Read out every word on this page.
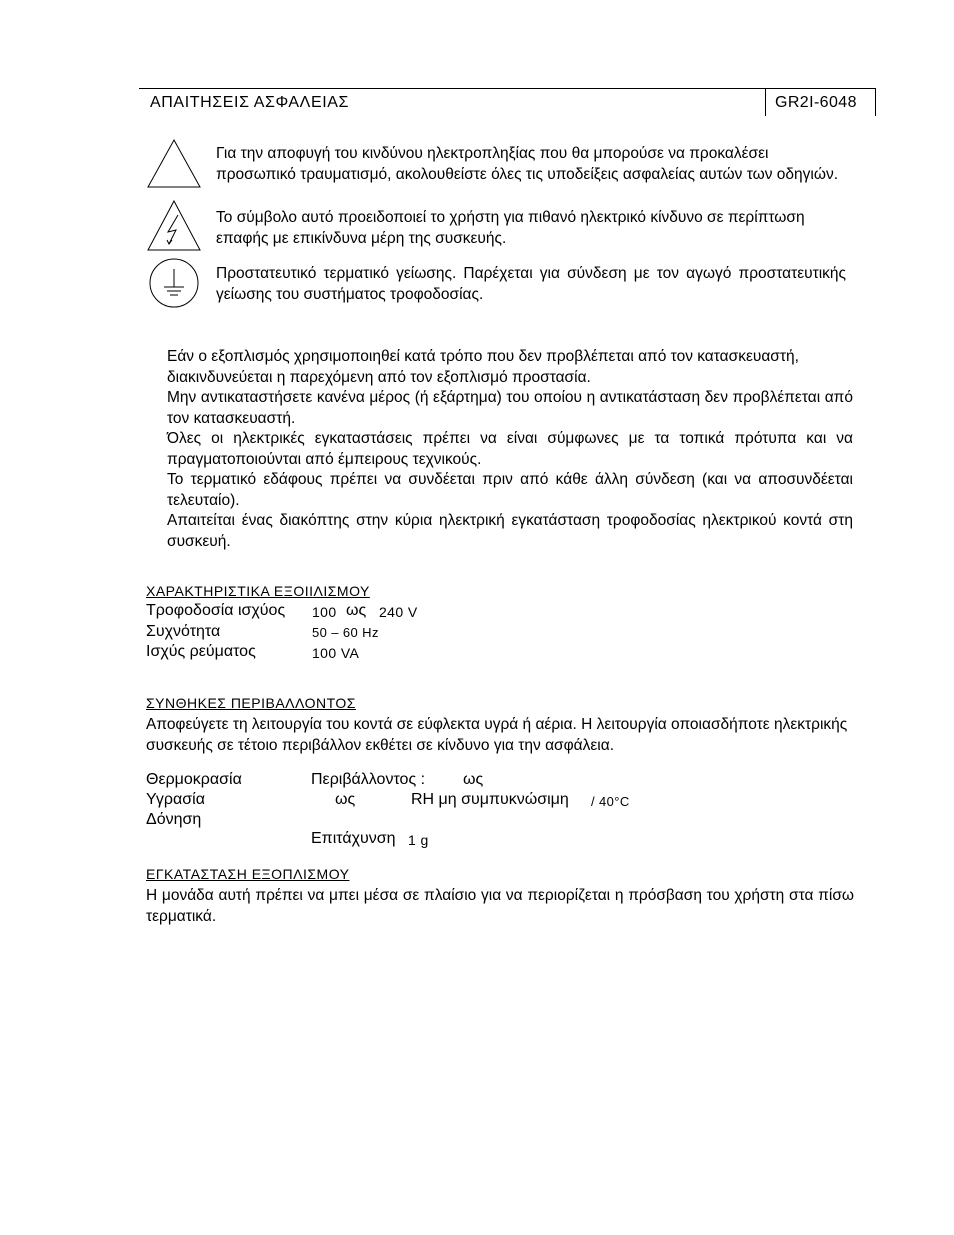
ΑΠΑΙΤΗΣΕΙΣ ΑΣΦΑΛΕΙΑΣ	GR2I-6048
Για την αποφυγή του κινδύνου ηλεκτροπληξίας που θα μπορούσε να προκαλέσει προσωπικό τραυματισμό, ακολουθείστε όλες τις υποδείξεις ασφαλείας αυτών των οδηγιών.
Το σύμβολο αυτό προειδοποιεί το χρήστη για πιθανό ηλεκτρικό κίνδυνο σε περίπτωση επαφής με επικίνδυνα μέρη της συσκευής.
Προστατευτικό τερματικό γείωσης. Παρέχεται για σύνδεση με τον αγωγό προστατευτικής γείωσης του συστήματος τροφοδοσίας.
Εάν ο εξοπλισμός χρησιμοποιηθεί κατά τρόπο που δεν προβλέπεται από τον κατασκευαστή, διακινδυνεύεται η παρεχόμενη από τον εξοπλισμό προστασία.
Μην αντικαταστήσετε κανένα μέρος (ή εξάρτημα) του οποίου η αντικατάσταση δεν προβλέπεται από τον κατασκευαστή.
Όλες οι ηλεκτρικές εγκαταστάσεις πρέπει να είναι σύμφωνες με τα τοπικά πρότυπα και να πραγματοποιούνται από έμπειρους τεχνικούς.
Το τερματικό εδάφους πρέπει να συνδέεται πριν από κάθε άλλη σύνδεση (και να αποσυνδέεται τελευταίο).
Απαιτείται ένας διακόπτης στην κύρια ηλεκτρική εγκατάσταση τροφοδοσίας ηλεκτρικού κοντά στη συσκευή.
ΧΑΡΑΚΤΗΡΙΣΤΙΚΑ ΕΞΟΙΙΛΙΣΜΟΥ
Τροφοδοσία ισχύος 100 ως 240 V
Συχνότητα	50 – 60 Hz
Ισχύς ρεύματος	100 VA
ΣΥΝΘΗΚΕΣ ΠΕΡΙΒΑΛΛΟΝΤΟΣ
Αποφεύγετε τη λειτουργία του κοντά σε εύφλεκτα υγρά ή αέρια. Η λειτουργία οποιασδήποτε ηλεκτρικής συσκευής σε τέτοιο περιβάλλον εκθέτει σε κίνδυνο για την ασφάλεια.
Θερμοκρασία	Περιβάλλοντος : ως
Υγρασία	ως	RH μη συμπυκνώσιμη / 40°C
Δόνηση
Επιτάχυνση 1 g
ΕΓΚΑΤΑΣΤΑΣΗ ΕΞΟΠΛΙΣΜΟΥ
Η μονάδα αυτή πρέπει να μπει μέσα σε πλαίσιο για να περιορίζεται η πρόσβαση του χρήστη στα πίσω τερματικά.
